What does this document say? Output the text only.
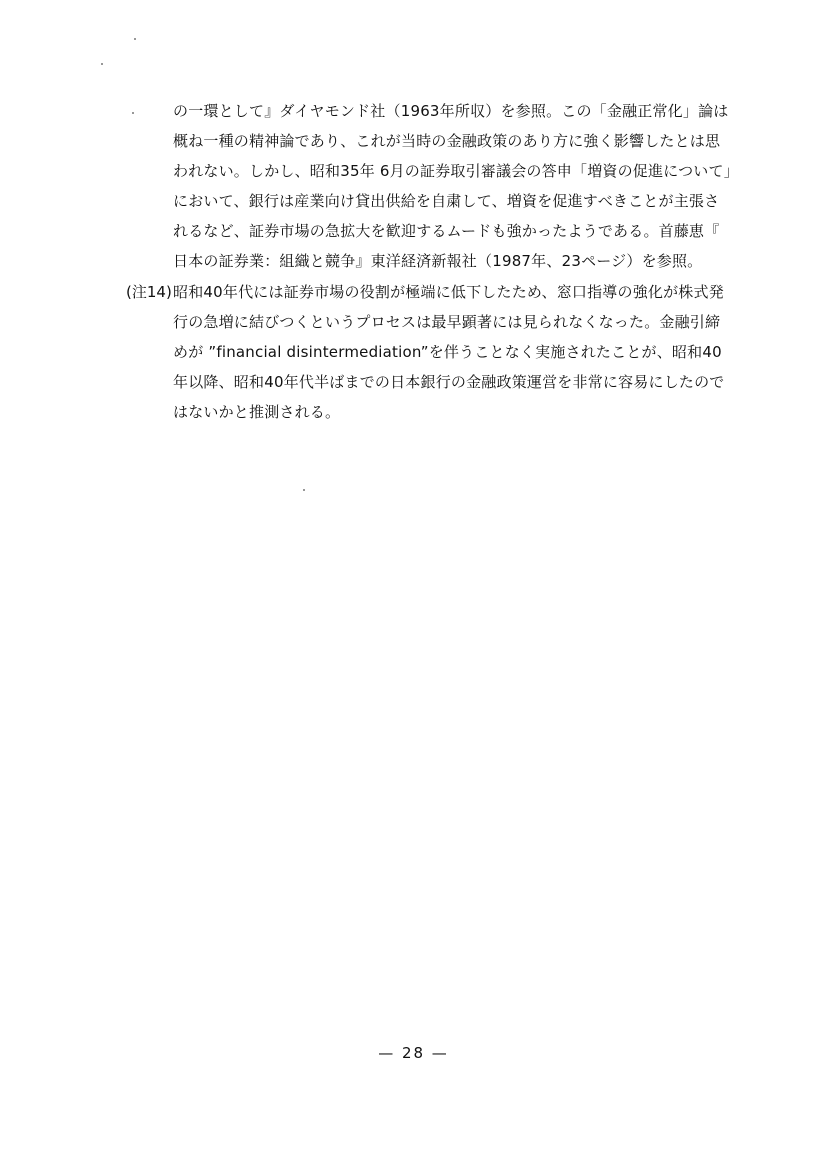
の一環として』ダイヤモンド社（1963年所収）を参照。この「金融正常化」論は
概ね一種の精神論であり、これが当時の金融政策のあり方に強く影響したとは思
われない。しかし、昭和35年 6月の証券取引審議会の答申「増資の促進について」
において、銀行は産業向け貸出供給を自粛して、増資を促進すべきことが主張さ
れるなど、証券市場の急拡大を歓迎するムードも強かったようである。首藤恵『
日本の証券業：組織と競争』東洋経済新報社（1987年、23ページ）を参照。
(注14) 昭和40年代には証券市場の役割が極端に低下したため、窓口指導の強化が株式発
行の急増に結びつくというプロセスは最早顕著には見られなくなった。金融引締
めが ”financial disintermediation”を伴うことなく実施されたことが、昭和40
年以降、昭和40年代半ばまでの日本銀行の金融政策運営を非常に容易にしたので
はないかと推測される。
— 28 —
